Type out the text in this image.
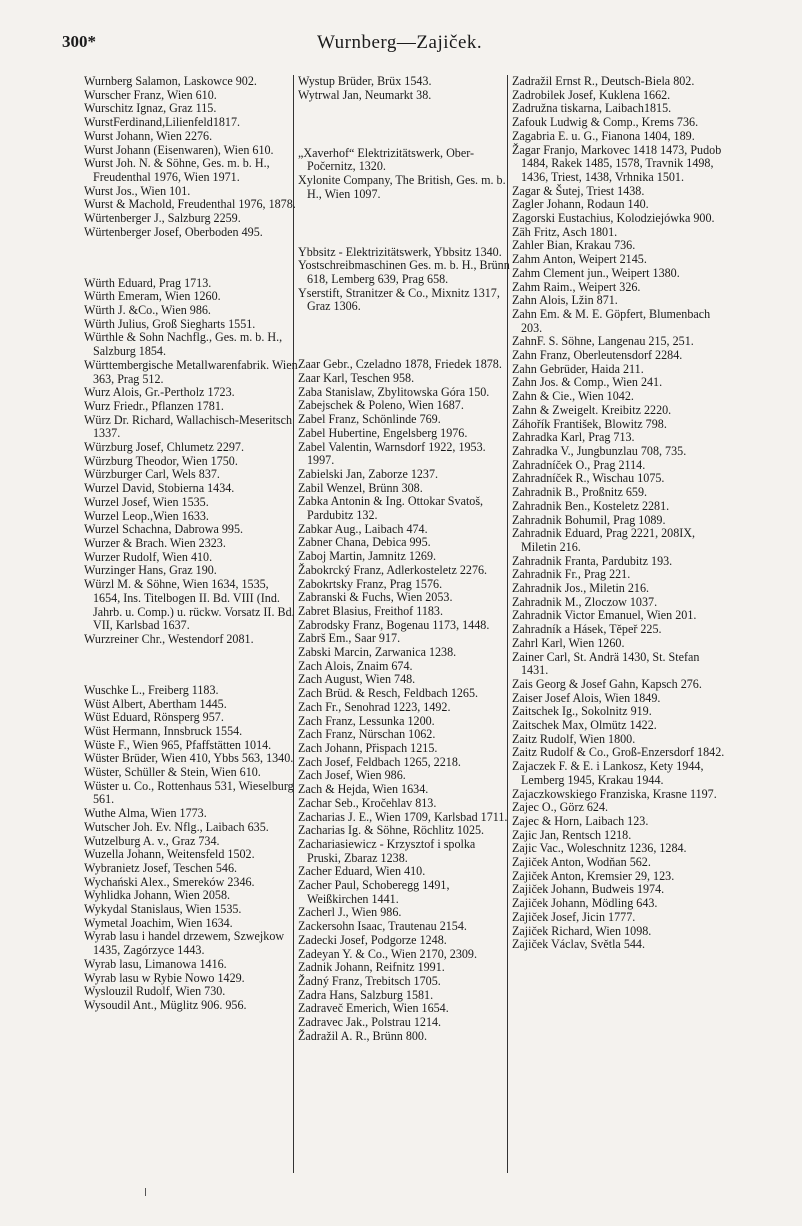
300*	Wurnberg—Zajiček.

Wurnberg Salamon, Laskowce 902.

Wurscher Franz, Wien 610.

Wurschitz Ignaz, Graz 115.

WurstFerdinand,Lilienfeld1817.

Wurst Johann, Wien 2276.

Wurst Johann (Eisenwaren), Wien 610.

Wurst Joh. N. & Söhne, Ges. m. b. H., Freudenthal 1976, Wien 1971.

Wurst Jos., Wien 101.

Wurst & Machold, Freudenthal 1976, 1878.

Würtenberger J., Salzburg 2259.

Würtenberger Josef, Oberboden 495.

Würth Eduard, Prag 1713.

Würth Emeram, Wien 1260.

Würth J. &Co., Wien 986.

Würth Julius, Groß Siegharts 1551.

Würthle & Sohn Nachflg., Ges. m. b. H., Salzburg 1854.

Württembergische Metallwarenfabrik. Wien 363, Prag 512.

Wurz Alois, Gr.-Pertholz 1723.

Wurz Friedr., Pflanzen 1781.

Würz Dr. Richard, Wallachisch-Meseritsch 1337.

Würzburg Josef, Chlumetz 2297.

Würzburg Theodor, Wien 1750.

Würzburger Carl, Wels 837.

Wurzel David, Stobierna 1434.

Wurzel Josef, Wien 1535.

Wurzel Leop.,Wien 1633.

Wurzel Schachna, Dabrowa 995.

Wurzer & Brach. Wien 2323.

Wurzer Rudolf, Wien 410.

Wurzinger Hans, Graz 190.

Würzl M. & Söhne, Wien 1634, 1535, 1654, Ins. Titelbogen II. Bd. VIII (Ind. Jahrb. u. Comp.) u. rückw. Vorsatz II. Bd. VII, Karlsbad 1637.

Wurzreiner Chr., Westendorf 2081.

Wuschke L., Freiberg 1183.

Wüst Albert, Abertham 1445.

Wüst Eduard, Rönsperg 957.

Wüst Hermann, Innsbruck 1554.

Wüste F., Wien 965, Pfaffstätten 1014.

Wüster Brüder, Wien 410, Ybbs 563, 1340.

Wüster, Schüller & Stein, Wien 610.

Wüster u. Co., Rottenhaus 531, Wieselburg 561.

Wuthe Alma, Wien 1773.

Wutscher Joh. Ev. Nflg., Laibach 635.

Wutzelburg A. v., Graz 734.

Wuzella Johann, Weitensfeld 1502.

Wybranietz Josef, Teschen 546.

Wychański Alex., Smereków 2346.

Wyhlidka Johann, Wien 2058.

Wykydal Stanislaus, Wien 1535.

Wymetal Joachim, Wien 1634.

Wyrab lasu i handel drzewem, Szwejkow 1435, Zagórzyce 1443.

Wyrab lasu, Limanowa 1416.

Wyrab lasu w Rybie Nowo 1429.

Wyslouzil Rudolf, Wien 730.

Wysoudil Ant., Müglitz 906. 956.

Wystup Brüder, Brüx 1543.

Wytrwal Jan, Neumarkt 38.

„Xaverhof“ Elektrizitätswerk, Ober-Počernitz, 1320.

Xylonite Company, The British, Ges. m. b. H., Wien 1097.

Ybbsitz - Elektrizitätswerk, Ybbsitz 1340.

Yostschreibmaschinen Ges. m. b. H., Brünn 618, Lemberg 639, Prag 658.

Yserstift, Stranitzer & Co., Mixnitz 1317, Graz 1306.

Zaar Gebr., Czeladno 1878, Friedek 1878.

Zaar Karl, Teschen 958.

Zaba Stanislaw, Zbylitowska Góra 150.

Zabejschek & Poleno, Wien 1687.

Zabel Franz, Schönlinde 769.

Zabel Hubertine, Engelsberg 1976.

Zabel Valentin, Warnsdorf 1922, 1953. 1997.

Zabielski Jan, Zaborze 1237.

Zabil Wenzel, Brünn 308.

Zabka Antonin & Ing. Ottokar Svatoš, Pardubitz 132.

Zabkar Aug., Laibach 474.

Zabner Chana, Debica 995.

Zaboj Martin, Jamnitz 1269.

Žabokrcký Franz, Adlerkosteletz 2276.

Zabokrtsky Franz, Prag 1576.

Zabranski & Fuchs, Wien 2053.

Zabret Blasius, Freithof 1183.

Zabrodsky Franz, Bogenau 1173, 1448.

Zabrš Em., Saar 917.

Zabski Marcin, Zarwanica 1238.

Zach Alois, Znaim 674.

Zach August, Wien 748.

Zach Brüd. & Resch, Feldbach 1265.

Zach Fr., Senohrad 1223, 1492.

Zach Franz, Lessunka 1200.

Zach Franz, Nürschan 1062.

Zach Johann, Přispach 1215.

Zach Josef, Feldbach 1265, 2218.

Zach Josef, Wien 986.

Zach & Hejda, Wien 1634.

Zachar Seb., Kročehlav 813.

Zacharias J. E., Wien 1709, Karlsbad 1711.

Zacharias Ig. & Söhne, Röchlitz 1025.

Zachariasiewicz - Krzysztof i spolka Pruski, Zbaraz 1238.

Zacher Eduard, Wien 410.

Zacher Paul, Schoberegg 1491, Weißkirchen 1441.

Zacherl J., Wien 986.

Zackersohn Isaac, Trautenau 2154.

Zadecki Josef, Podgorze 1248.

Zadeyan Y. & Co., Wien 2170, 2309.

Zadnik Johann, Reifnitz 1991.

Žadný Franz, Trebitsch 1705.

Zadra Hans, Salzburg 1581.

Zadraveč Emerich, Wien 1654.

Zadravec Jak., Polstrau 1214.

Žadražil A. R., Brünn 800.

Zadražil Ernst R., Deutsch-Biela 802.

Zadrobilek Josef, Kuklena 1662.

Zadružna tiskarna, Laibach1815.

Zafouk Ludwig & Comp., Krems 736.

Zagabria E. u. G., Fianona 1404, 189.

Žagar Franjo, Markovec 1418 1473, Pudob 1484, Rakek 1485, 1578, Travnik 1498, 1436, Triest, 1438, Vrhnika 1501.

Zagar & Šutej, Triest 1438.

Zagler Johann, Rodaun 140.

Zagorski Eustachius, Kolodziejówka 900.

Zäh Fritz, Asch 1801.

Zahler Bian, Krakau 736.

Zahm Anton, Weipert 2145.

Zahm Clement jun., Weipert 1380.

Zahm Raim., Weipert 326.

Zahn Alois, Lžin 871.

Zahn Em. & M. E. Göpfert, Blumenbach 203.

ZahnF. S. Söhne, Langenau 215, 251.

Zahn Franz, Oberleutensdorf 2284.

Zahn Gebrüder, Haida 211.

Zahn Jos. & Comp., Wien 241.

Zahn & Cie., Wien 1042.

Zahn & Zweigelt. Kreibitz 2220.

Záhořík František, Blowitz 798.

Zahradka Karl, Prag 713.

Zahradka V., Jungbunzlau 708, 735.

Zahradníček O., Prag 2114.

Zahradníček R., Wischau 1075.

Zahradnik B., Proßnitz 659.

Zahradnik Ben., Kosteletz 2281.

Zahradnik Bohumil, Prag 1089.

Zahradnik Eduard, Prag 2221, 208IX, Miletin 216.

Zahradnik Franta, Pardubitz 193.

Zahradnik Fr., Prag 221.

Zahradnik Jos., Miletin 216.

Zahradnik M., Zloczow 1037.

Zahradnik Victor Emanuel, Wien 201.

Zahradník a Hásek, Těpeř 225.

Zahrl Karl, Wien 1260.

Zainer Carl, St. Andrä 1430, St. Stefan 1431.

Zais Georg & Josef Gahn, Kapsch 276.

Zaiser Josef Alois, Wien 1849.

Zaitschek Ig., Sokolnitz 919.

Zaitschek Max, Olmütz 1422.

Zaitz Rudolf, Wien 1800.

Zaitz Rudolf & Co., Groß-Enzersdorf 1842.

Zajaczek F. & E. i Lankosz, Kety 1944, Lemberg 1945, Krakau 1944.

Zajaczkowskiego Franziska, Krasne 1197.

Zajec O., Görz 624.

Zajec & Horn, Laibach 123.

Zajic Jan, Rentsch 1218.

Zajic Vac., Woleschnitz 1236, 1284.

Zajiček Anton, Wodňan 562.

Zajiček Anton, Kremsier 29, 123.

Zajiček Johann, Budweis 1974.

Zajiček Johann, Mödling 643.

Zajiček Josef, Jicin 1777.

Zajiček Richard, Wien 1098.

Zajiček Václav, Světla 544.
